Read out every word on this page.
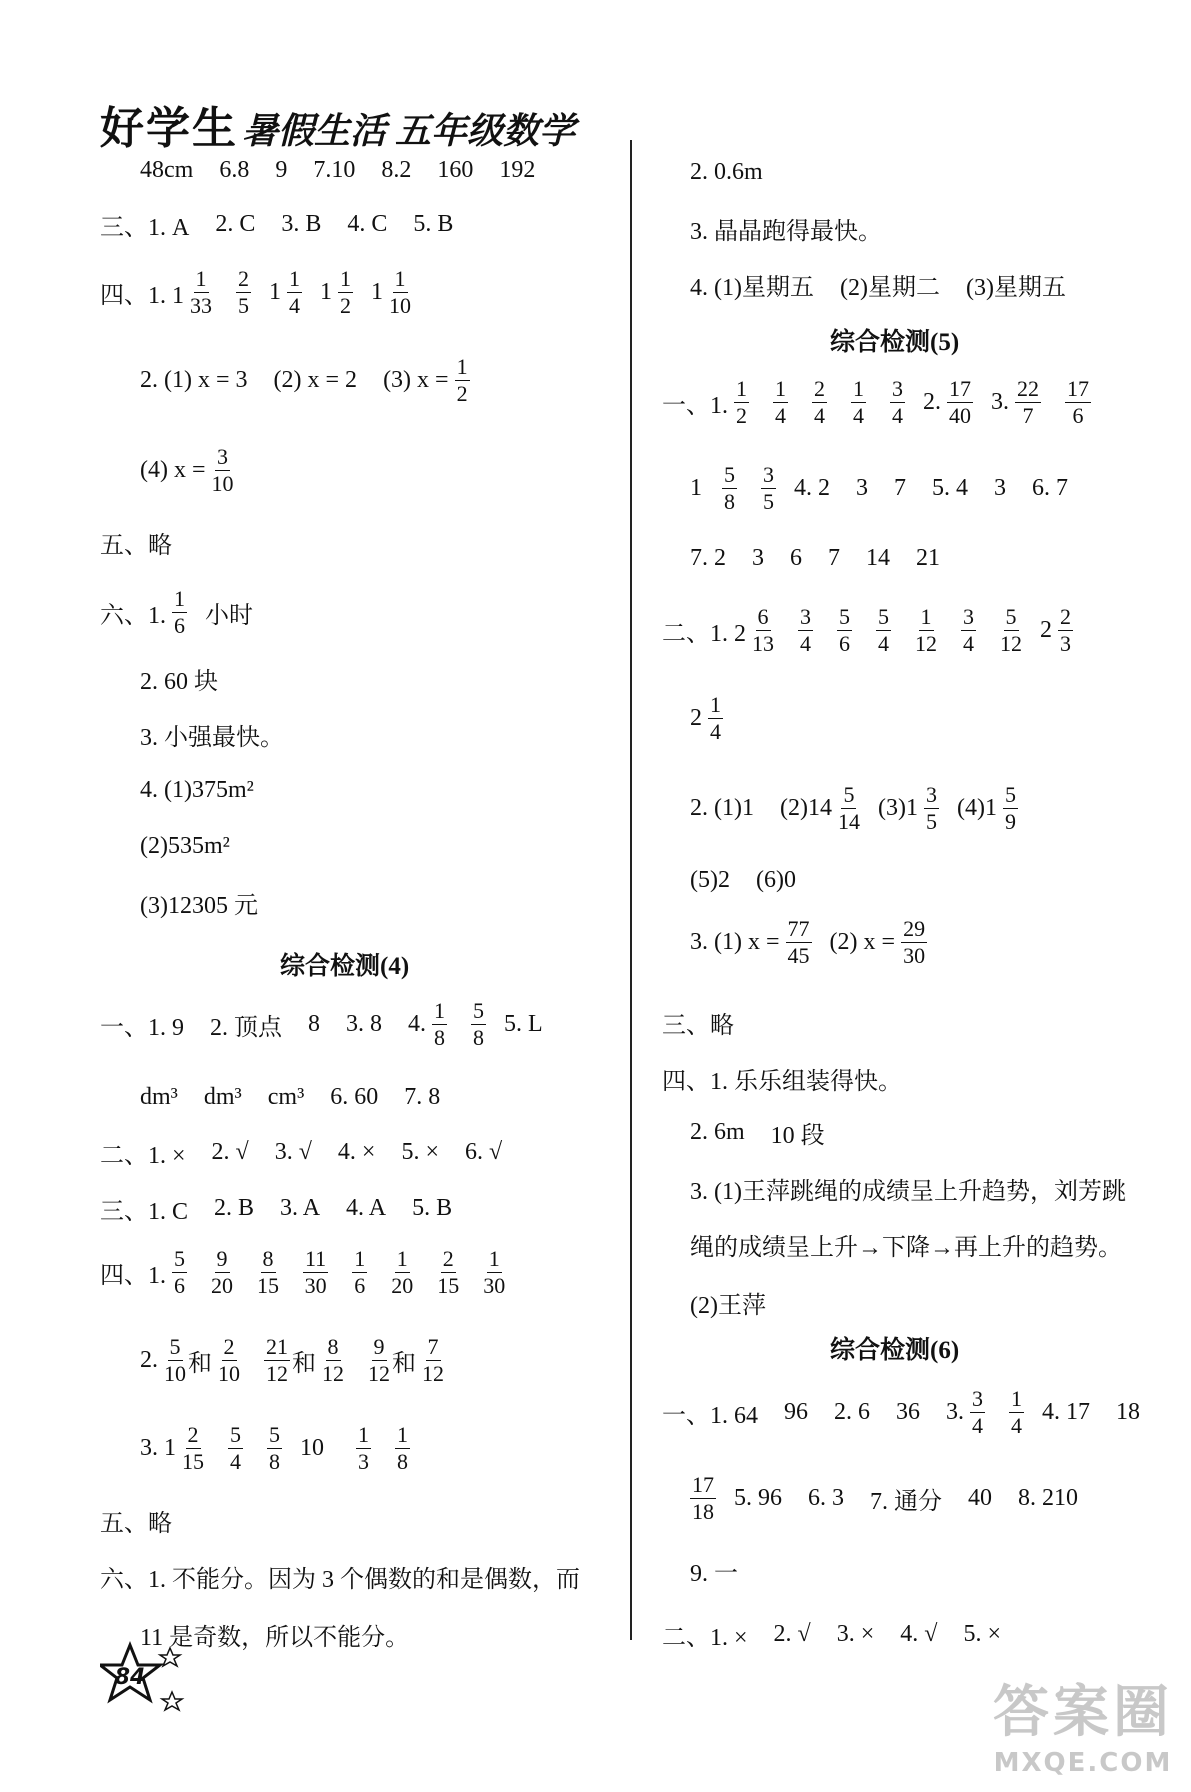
好学生 暑假生活 五年级数学
48cm 6.8 9 7.10 8.2 160 192
三、1. A 2. C 3. B 4. C 5. B
四、1. $1 \frac{1}{33} \frac{2}{5} 1 \frac{1}{4} 1 \frac{1}{2} 1 \frac{1}{10}$
2. (1) x = 3 (2) x = 2 (3) $x = \frac{1}{2}$
(4) $x = \frac{3}{10}$
五、略
六、1. $\frac{1}{6}$ 小时
2. 60 块
3. 小强最快。
4. (1)375m²
(2)535m²
(3)12305 元
综合检测(4)
一、1. 9 2. 顶点 8 3. 8 4. $\frac{1}{8} \frac{5}{8} 5$. L
dm³ dm³ cm³ 6. 60 7. 8
二、1. × 2. √ 3. √ 4. × 5. × 6. √
三、1. C 2. B 3. A 4. A 5. B
四、1. $\frac{5}{6} \frac{9}{20} \frac{8}{15} \frac{11}{30} \frac{1}{6} \frac{1}{20} \frac{2}{15} \frac{1}{30}$
2. $\frac{5}{10}$ 和 $\frac{2}{10} \frac{21}{12}$ 和 $\frac{8}{12} \frac{9}{12}$ 和 $\frac{7}{12}$
3. $1 \frac{2}{15} \frac{5}{4} \frac{5}{8} 10 \frac{1}{3} \frac{1}{8}$
五、略
六、1. 不能分。因为 3 个偶数的和是偶数，而
11 是奇数，所以不能分。
2. 0.6m
3. 晶晶跑得最快。
4. (1)星期五 (2)星期二 (3)星期五
综合检测(5)
一、1. $\frac{1}{2} \frac{1}{4} \frac{2}{4} \frac{1}{4} \frac{3}{4} 2$. $\frac{17}{40} 3$. $\frac{22}{7} \frac{17}{6}$
$1 \frac{5}{8} \frac{3}{5} 4$. 2 3 7 5. 4 3 6. 7
7. 2 3 6 7 14 21
二、1. $2 \frac{6}{13} \frac{3}{4} \frac{5}{6} \frac{5}{4} \frac{1}{12} \frac{3}{4} \frac{5}{12} 2 \frac{2}{3}$
$2 \frac{1}{4}$
2. (1)1 $(2)14 \frac{5}{14} (3)1 \frac{3}{5} (4)1 \frac{5}{9}$
(5)2 (6)0
3. (1) $x = \frac{77}{45} (2) x = \frac{29}{30}$
三、略
四、1. 乐乐组装得快。
2. 6m 10 段
3. (1)王萍跳绳的成绩呈上升趋势，刘芳跳
绳的成绩呈上升→下降→再上升的趋势。
(2)王萍
综合检测(6)
一、1. 64 96 2. 6 36 3. $\frac{3}{4} \frac{1}{4} 4$. 17 18
$\frac{17}{18} 5$. 96 6. 3 7. 通分 40 8. 210
9. 一
二、1. × 2. √ 3. × 4. √ 5. ×
84
答案圈
MXQE.COM
